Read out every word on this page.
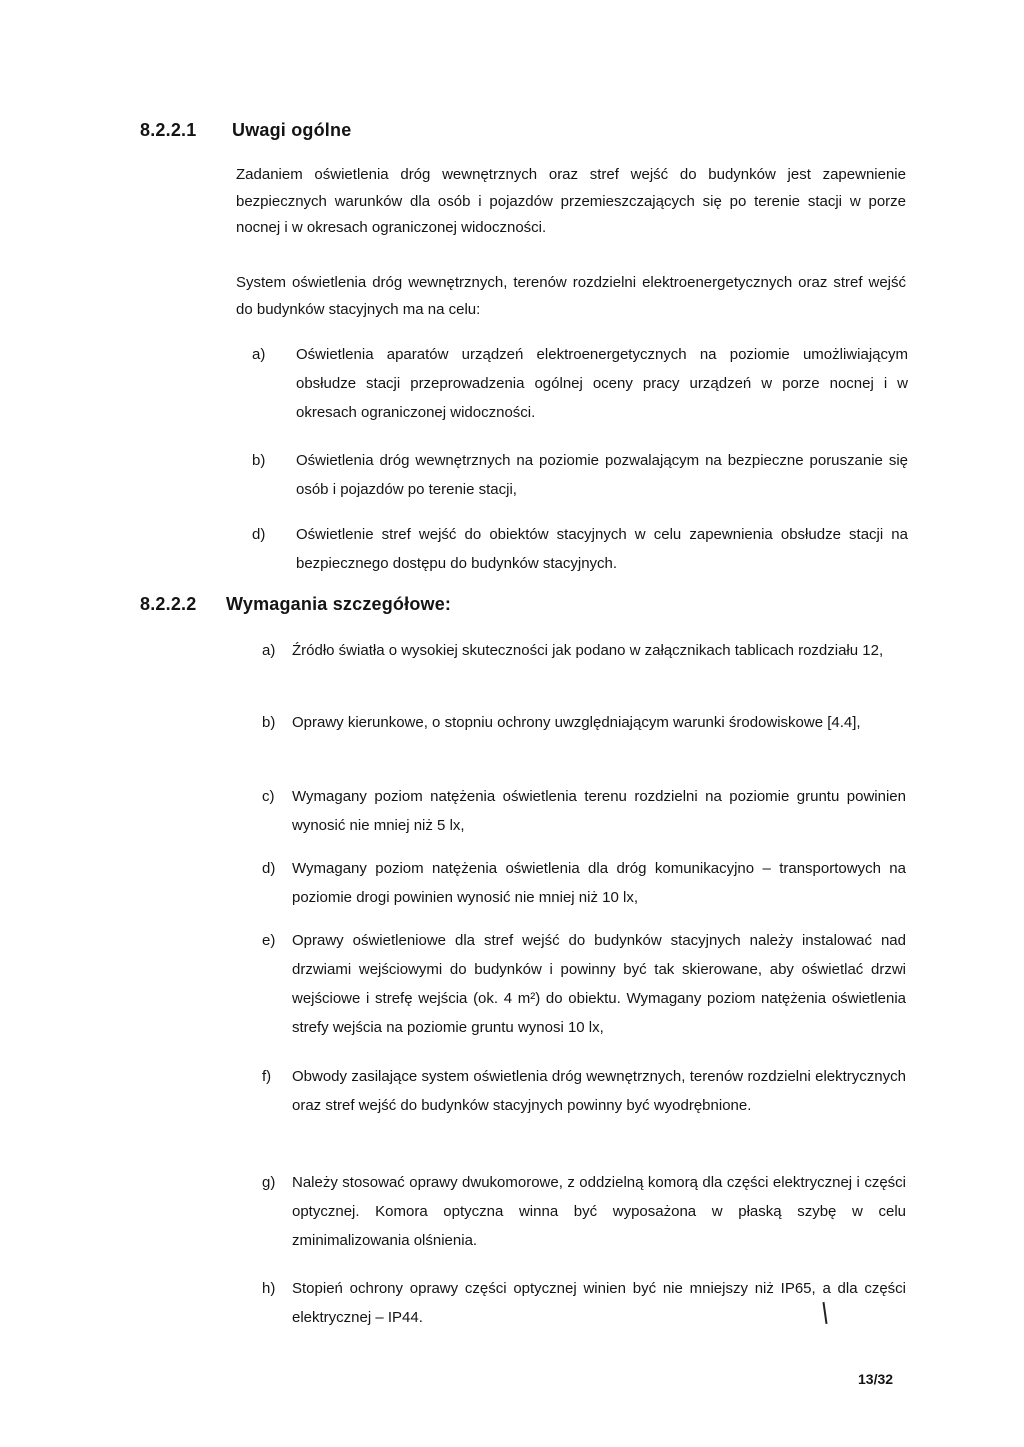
8.2.2.1 Uwagi ogólne
Zadaniem oświetlenia dróg wewnętrznych oraz stref wejść do budynków jest zapewnienie bezpiecznych warunków dla osób i pojazdów przemieszczających się po terenie stacji w porze nocnej i w okresach ograniczonej widoczności.
System oświetlenia dróg wewnętrznych, terenów rozdzielni elektroenergetycznych oraz stref wejść do budynków stacyjnych ma na celu:
a) Oświetlenia aparatów urządzeń elektroenergetycznych na poziomie umożliwiającym obsłudze stacji przeprowadzenia ogólnej oceny pracy urządzeń w porze nocnej i w okresach ograniczonej widoczności.
b) Oświetlenia dróg wewnętrznych na poziomie pozwalającym na bezpieczne poruszanie się osób i pojazdów po terenie stacji,
d) Oświetlenie stref wejść do obiektów stacyjnych w celu zapewnienia obsłudze stacji na bezpiecznego dostępu do budynków stacyjnych.
8.2.2.2 Wymagania szczegółowe:
a) Źródło światła o wysokiej skuteczności jak podano w załącznikach tablicach rozdziału 12,
b) Oprawy kierunkowe, o stopniu ochrony uwzględniającym warunki środowiskowe [4.4],
c) Wymagany poziom natężenia oświetlenia terenu rozdzielni na poziomie gruntu powinien wynosić nie mniej niż 5 lx,
d) Wymagany poziom natężenia oświetlenia dla dróg komunikacyjno – transportowych na poziomie drogi powinien wynosić nie mniej niż 10 lx,
e) Oprawy oświetleniowe dla stref wejść do budynków stacyjnych należy instalować nad drzwiami wejściowymi do budynków i powinny być tak skierowane, aby oświetlać drzwi wejściowe i strefę wejścia (ok. 4 m²) do obiektu. Wymagany poziom natężenia oświetlenia strefy wejścia na poziomie gruntu wynosi 10 lx,
f) Obwody zasilające system oświetlenia dróg wewnętrznych, terenów rozdzielni elektrycznych oraz stref wejść do budynków stacyjnych powinny być wyodrębnione.
g) Należy stosować oprawy dwukomorowe, z oddzielną komorą dla części elektrycznej i części optycznej. Komora optyczna winna być wyposażona w płaską szybę w celu zminimalizowania olśnienia.
h) Stopień ochrony oprawy części optycznej winien być nie mniejszy niż IP65, a dla części elektrycznej – IP44.
13/32
